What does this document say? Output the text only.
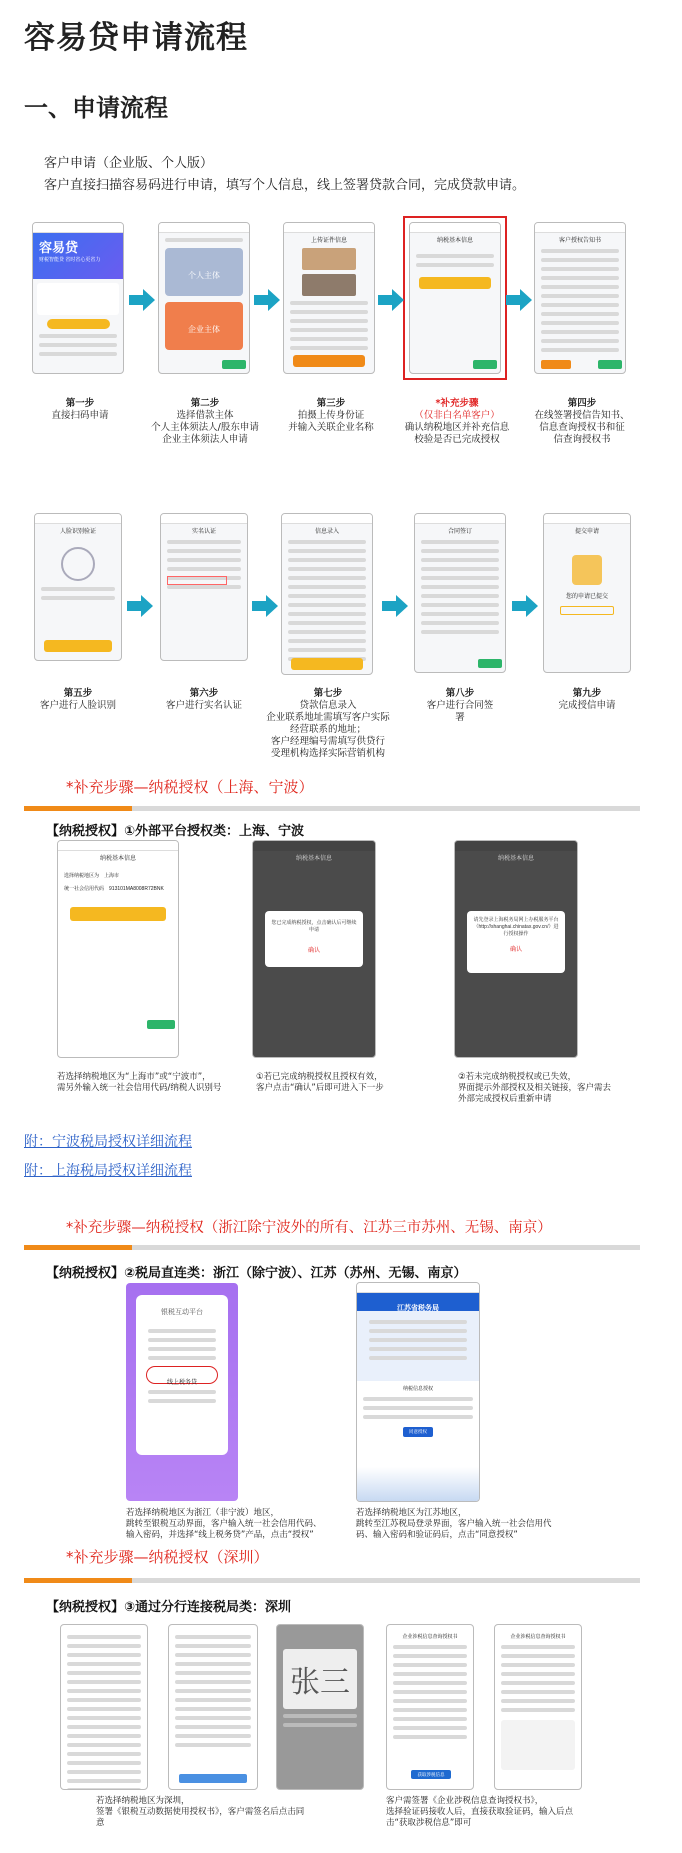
容易贷申请流程
一、申请流程
客户申请（企业版、个人版）
客户直接扫描容易码进行申请，填写个人信息，线上签署贷款合同，完成贷款申请。
容易贷
财税智能贷 省时省心更省力
个人主体
企业主体
上传证件信息	纳税基本信息	客户授权告知书
第一步
直接扫码申请
第二步
选择借款主体
个人主体须法人/股东申请
企业主体须法人申请
第三步
拍摄上传身份证
并输入关联企业名称
*补充步骤
（仅非白名单客户）
确认纳税地区并补充信息
校验是否已完成授权
第四步
在线签署授信告知书、
信息查询授权书和征
信查询授权书
人脸识别验证	实名认证	信息录入	合同签订	提交申请
您的申请已提交
第五步
客户进行人脸识别
第六步
客户进行实名认证
第七步
贷款信息录入
企业联系地址需填写客户实际
经营联系的地址；
客户经理编号需填写供贷行
受理机构选择实际营销机构
第八步
客户进行合同签
署
第九步
完成授信申请
*补充步骤—纳税授权（上海、宁波）
【纳税授权】①外部平台授权类：上海、宁波
纳税基本信息
选择纳税地区为　 上海市
统一社会信用代码　 913101MA8008R72BNK
纳税基本信息
您已完成纳税授权，点击确认后可继续申请
确认
纳税基本信息
请先登录上海税务局网上办税服务平台（http://shanghai.chinatax.gov.cn/）进行授权操作
确认
若选择纳税地区为“上海市”或“宁波市”，
需另外输入统一社会信用代码/纳税人识别号
①若已完成纳税授权且授权有效，
客户点击“确认”后即可进入下一步
②若未完成纳税授权或已失效，
界面提示外部授权及相关链接，客户需去
外部完成授权后重新申请
附：宁波税局授权详细流程
附：上海税局授权详细流程
*补充步骤—纳税授权（浙江除宁波外的所有、江苏三市苏州、无锡、南京）
【纳税授权】②税局直连类：浙江（除宁波）、江苏（苏州、无锡、南京）
银税互动平台
线上税务贷
江苏省税务局
纳税信息授权
同意授权
若选择纳税地区为浙江（非宁波）地区，
跳转至银税互动界面，客户输入统一社会信用代码、
输入密码，并选择“线上税务贷”产品，点击“授权”
若选择纳税地区为江苏地区，
跳转至江苏税局登录界面，客户输入统一社会信用代
码、输入密码和验证码后，点击“同意授权”
*补充步骤—纳税授权（深圳）
【纳税授权】③通过分行连接税局类：深圳
张三
企业涉税信息查询授权书
获取涉税信息
企业涉税信息查询授权书
若选择纳税地区为深圳，
签署《银税互动数据使用授权书》，客户需签名后点击同
意
客户需签署《企业涉税信息查询授权书》，
选择验证码接收人后，直接获取验证码，输入后点
击“获取涉税信息”即可
